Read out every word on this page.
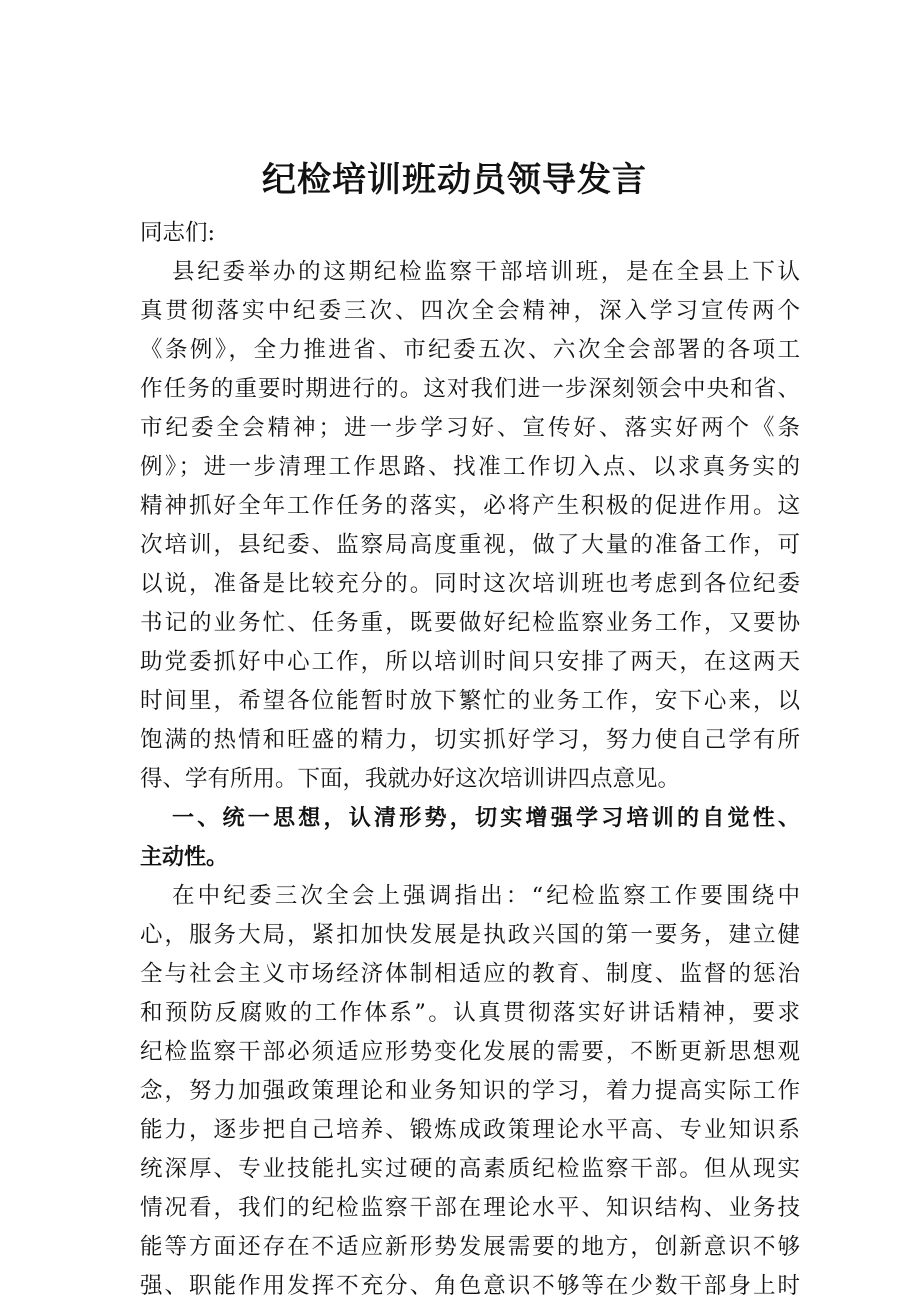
纪检培训班动员领导发言
同志们:
县纪委举办的这期纪检监察干部培训班，是在全县上下认
真贯彻落实中纪委三次、四次全会精神，深入学习宣传两个
《条例》，全力推进省、市纪委五次、六次全会部署的各项工
作任务的重要时期进行的。这对我们进一步深刻领会中央和省、
市纪委全会精神；进一步学习好、宣传好、落实好两个《条
例》；进一步清理工作思路、找准工作切入点、以求真务实的
精神抓好全年工作任务的落实，必将产生积极的促进作用。这
次培训，县纪委、监察局高度重视，做了大量的准备工作，可
以说，准备是比较充分的。同时这次培训班也考虑到各位纪委
书记的业务忙、任务重，既要做好纪检监察业务工作，又要协
助党委抓好中心工作，所以培训时间只安排了两天，在这两天
时间里，希望各位能暂时放下繁忙的业务工作，安下心来，以
饱满的热情和旺盛的精力，切实抓好学习，努力使自己学有所
得、学有所用。下面，我就办好这次培训讲四点意见。
一、统一思想，认清形势，切实增强学习培训的自觉性、
主动性。
在中纪委三次全会上强调指出：“纪检监察工作要围绕中
心，服务大局，紧扣加快发展是执政兴国的第一要务，建立健
全与社会主义市场经济体制相适应的教育、制度、监督的惩治
和预防反腐败的工作体系”。认真贯彻落实好讲话精神，要求
纪检监察干部必须适应形势变化发展的需要，不断更新思想观
念，努力加强政策理论和业务知识的学习，着力提高实际工作
能力，逐步把自己培养、锻炼成政策理论水平高、专业知识系
统深厚、专业技能扎实过硬的高素质纪检监察干部。但从现实
情况看，我们的纪检监察干部在理论水平、知识结构、业务技
能等方面还存在不适应新形势发展需要的地方，创新意识不够
强、职能作用发挥不充分、角色意识不够等在少数干部身上时
